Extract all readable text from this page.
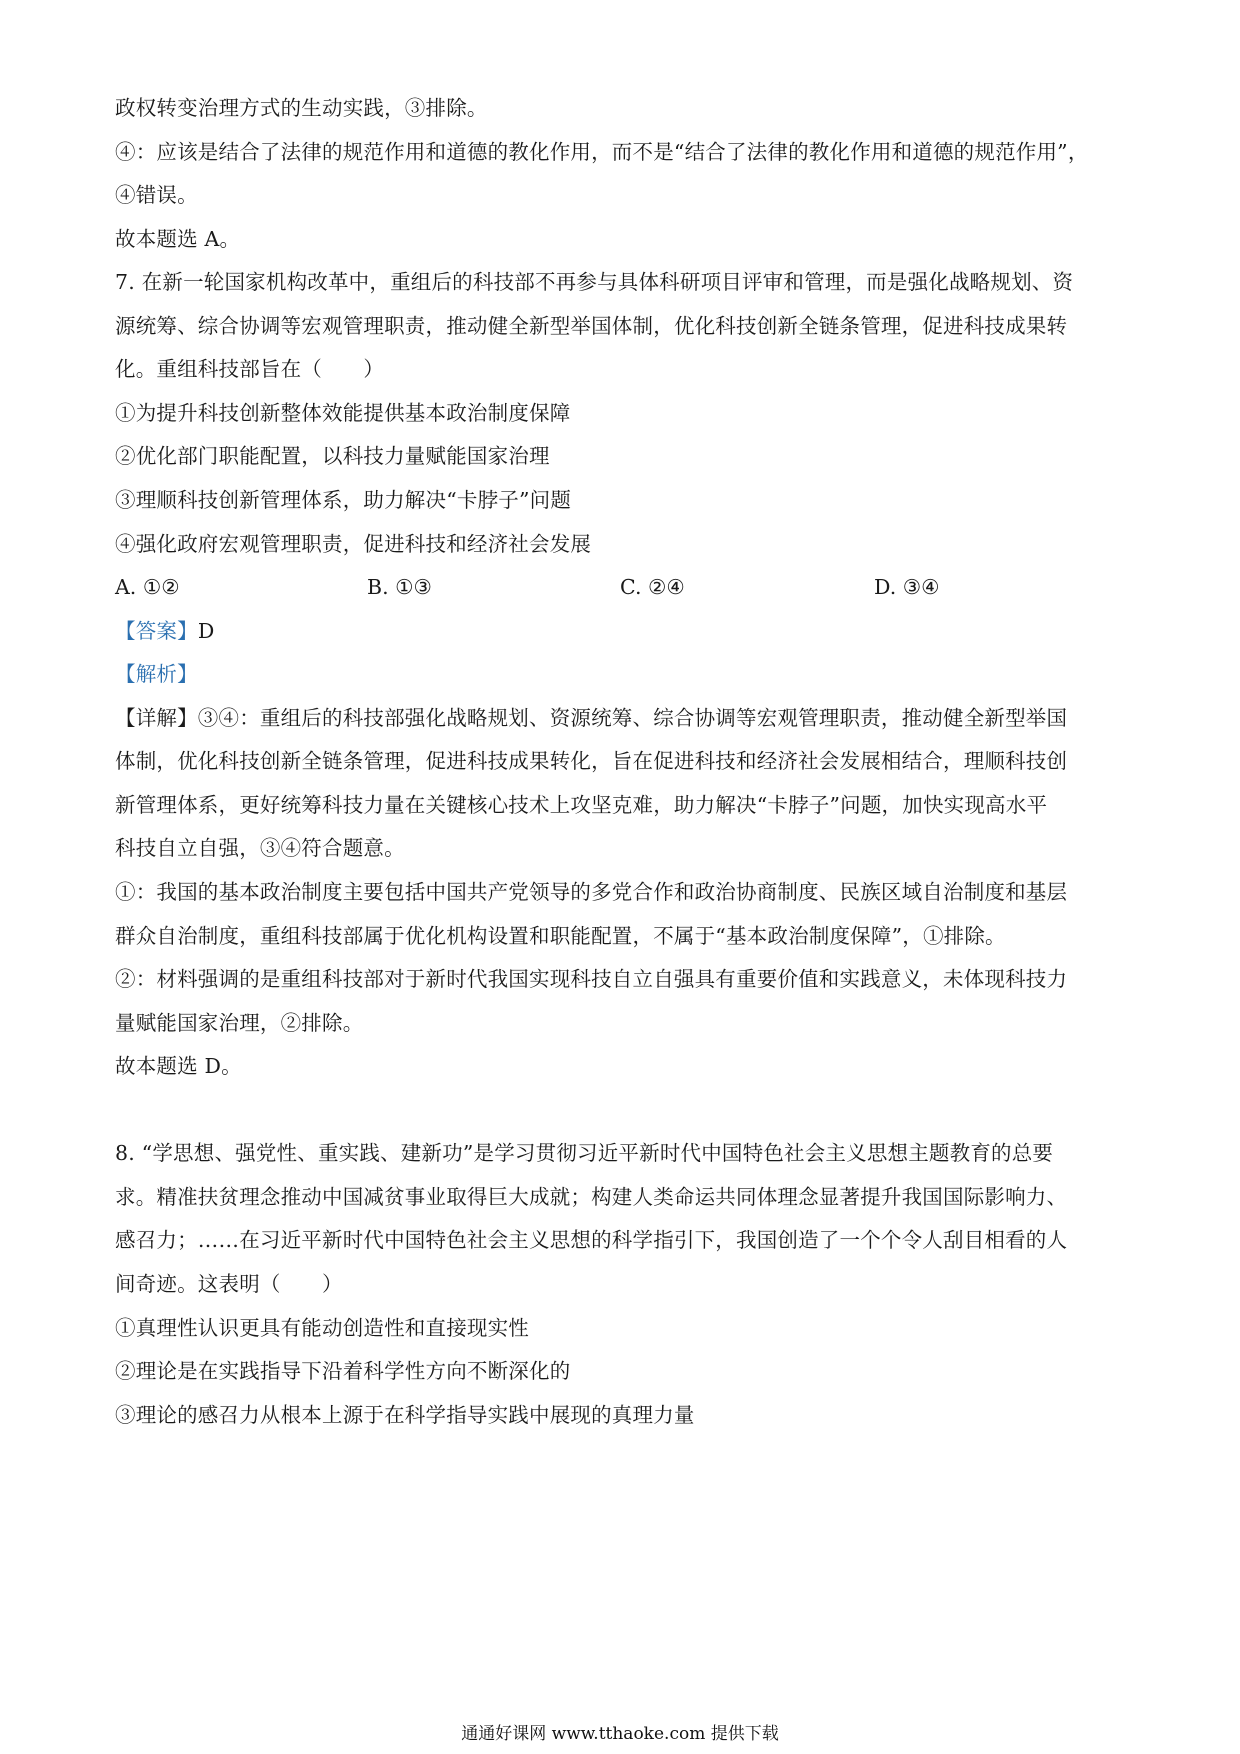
政权转变治理方式的生动实践，③排除。
④：应该是结合了法律的规范作用和道德的教化作用，而不是“结合了法律的教化作用和道德的规范作用”，
④错误。
故本题选 A。
7. 在新一轮国家机构改革中，重组后的科技部不再参与具体科研项目评审和管理，而是强化战略规划、资
源统筹、综合协调等宏观管理职责，推动健全新型举国体制，优化科技创新全链条管理，促进科技成果转
化。重组科技部旨在（　　）
①为提升科技创新整体效能提供基本政治制度保障
②优化部门职能配置，以科技力量赋能国家治理
③理顺科技创新管理体系，助力解决“卡脖子”问题
④强化政府宏观管理职责，促进科技和经济社会发展
A. ①②	B. ①③	C. ②④	D. ③④
【答案】D
【解析】
【详解】③④：重组后的科技部强化战略规划、资源统筹、综合协调等宏观管理职责，推动健全新型举国
体制，优化科技创新全链条管理，促进科技成果转化，旨在促进科技和经济社会发展相结合，理顺科技创
新管理体系，更好统筹科技力量在关键核心技术上攻坚克难，助力解决“卡脖子”问题，加快实现高水平
科技自立自强，③④符合题意。
①：我国的基本政治制度主要包括中国共产党领导的多党合作和政治协商制度、民族区域自治制度和基层
群众自治制度，重组科技部属于优化机构设置和职能配置，不属于“基本政治制度保障”，①排除。
②：材料强调的是重组科技部对于新时代我国实现科技自立自强具有重要价值和实践意义，未体现科技力
量赋能国家治理，②排除。
故本题选 D。
8. “学思想、强党性、重实践、建新功”是学习贯彻习近平新时代中国特色社会主义思想主题教育的总要
求。精准扶贫理念推动中国减贫事业取得巨大成就；构建人类命运共同体理念显著提升我国国际影响力、
感召力；……在习近平新时代中国特色社会主义思想的科学指引下，我国创造了一个个令人刮目相看的人
间奇迹。这表明（　　）
①真理性认识更具有能动创造性和直接现实性
②理论是在实践指导下沿着科学性方向不断深化的
③理论的感召力从根本上源于在科学指导实践中展现的真理力量
通通好课网 www.tthaoke.com 提供下载
